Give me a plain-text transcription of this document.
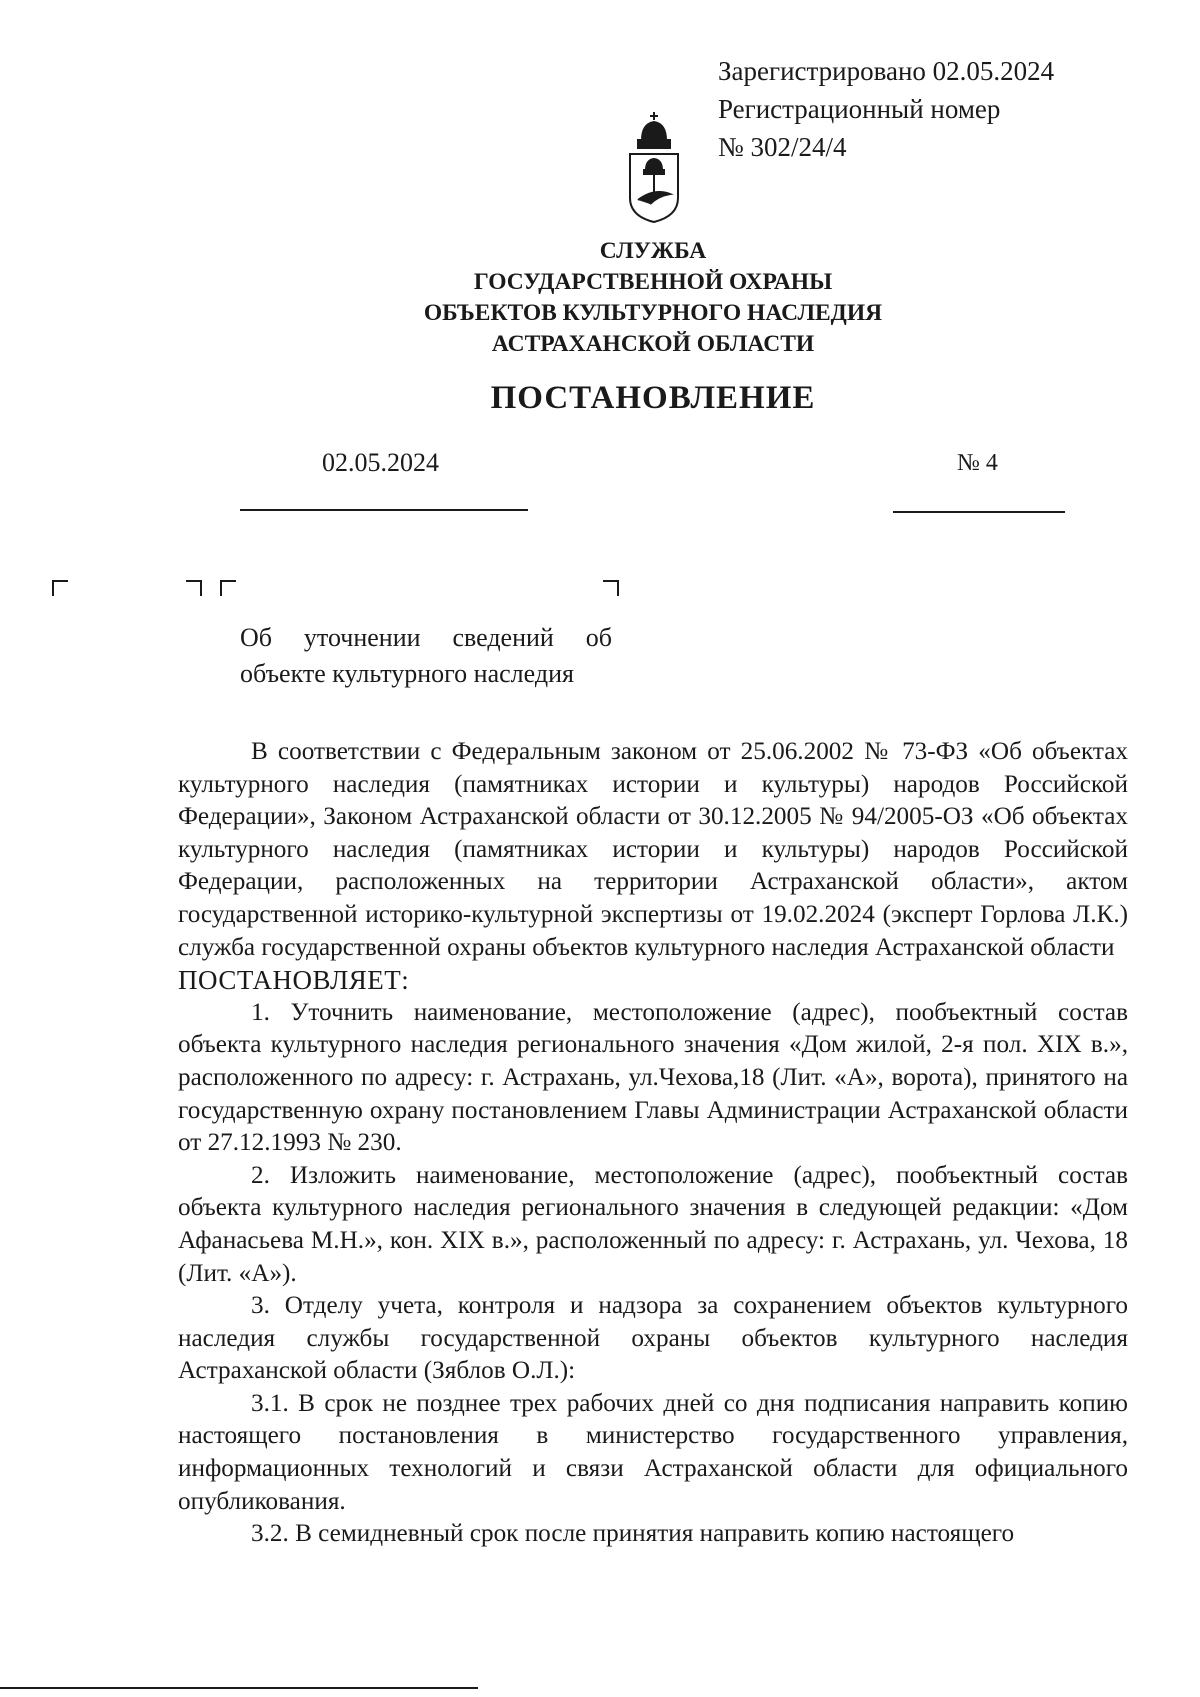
Зарегистрировано 02.05.2024
Регистрационный номер
№ 302/24/4
СЛУЖБА
ГОСУДАРСТВЕННОЙ ОХРАНЫ
ОБЪЕКТОВ КУЛЬТУРНОГО НАСЛЕДИЯ
АСТРАХАНСКОЙ ОБЛАСТИ
ПОСТАНОВЛЕНИЕ
02.05.2024	№ 4
Об уточнении сведений об
объекте культурного наследия

В соответствии с Федеральным законом от 25.06.2002 № 73-ФЗ «Об объектах культурного наследия (памятниках истории и культуры) народов Российской Федерации», Законом Астраханской области от 30.12.2005 № 94/2005-ОЗ «Об объектах культурного наследия (памятниках истории и культуры) народов Российской Федерации, расположенных на территории Астраханской области», актом государственной историко-культурной экспертизы от 19.02.2024 (эксперт Горлова Л.К.) служба государственной охраны объектов культурного наследия Астраханской области

ПОСТАНОВЛЯЕТ:

1. Уточнить наименование, местоположение (адрес), пообъектный состав объекта культурного наследия регионального значения «Дом жилой, 2-я пол. XIX в.», расположенного по адресу: г. Астрахань, ул.Чехова,18 (Лит. «А», ворота), принятого на государственную охрану постановлением Главы Администрации Астраханской области от 27.12.1993 № 230.

2. Изложить наименование, местоположение (адрес), пообъектный состав объекта культурного наследия регионального значения в следующей редакции: «Дом Афанасьева М.Н.», кон. XIX в.», расположенный по адресу: г. Астрахань, ул. Чехова, 18 (Лит. «А»).

3. Отделу учета, контроля и надзора за сохранением объектов культурного наследия службы государственной охраны объектов культурного наследия Астраханской области (Зяблов О.Л.):

3.1. В срок не позднее трех рабочих дней со дня подписания направить копию настоящего постановления в министерство государственного управления, информационных технологий и связи Астраханской области для официального опубликования.

3.2. В семидневный срок после принятия направить копию настоящего
